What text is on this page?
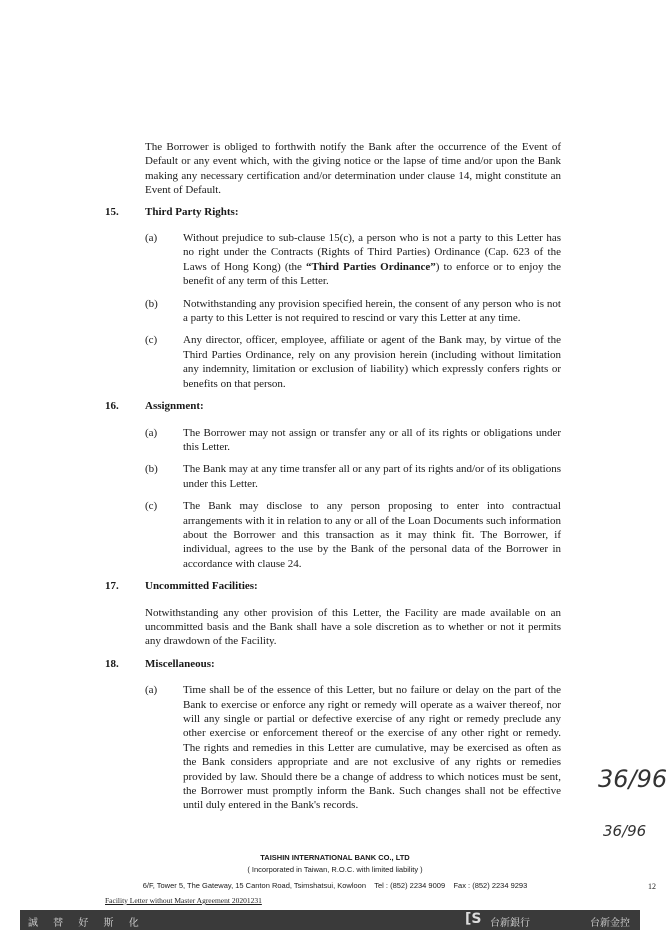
The Borrower is obliged to forthwith notify the Bank after the occurrence of the Event of Default or any event which, with the giving notice or the lapse of time and/or upon the Bank making any necessary certification and/or determination under clause 14, might constitute an Event of Default.
15.	Third Party Rights:
(a)	Without prejudice to sub-clause 15(c), a person who is not a party to this Letter has no right under the Contracts (Rights of Third Parties) Ordinance (Cap. 623 of the Laws of Hong Kong) (the “Third Parties Ordinance”) to enforce or to enjoy the benefit of any term of this Letter.
(b)	Notwithstanding any provision specified herein, the consent of any person who is not a party to this Letter is not required to rescind or vary this Letter at any time.
(c)	Any director, officer, employee, affiliate or agent of the Bank may, by virtue of the Third Parties Ordinance, rely on any provision herein (including without limitation any indemnity, limitation or exclusion of liability) which expressly confers rights or benefits on that person.
16.	Assignment:
(a)	The Borrower may not assign or transfer any or all of its rights or obligations under this Letter.
(b)	The Bank may at any time transfer all or any part of its rights and/or of its obligations under this Letter.
(c)	The Bank may disclose to any person proposing to enter into contractual arrangements with it in relation to any or all of the Loan Documents such information about the Borrower and this transaction as it may think fit. The Borrower, if individual, agrees to the use by the Bank of the personal data of the Borrower in accordance with clause 24.
17.	Uncommitted Facilities:
Notwithstanding any other provision of this Letter, the Facility are made available on an uncommitted basis and the Bank shall have a sole discretion as to whether or not it permits any drawdown of the Facility.
18.	Miscellaneous:
(a)	Time shall be of the essence of this Letter, but no failure or delay on the part of the Bank to exercise or enforce any right or remedy will operate as a waiver thereof, nor will any single or partial or defective exercise of any right or remedy preclude any other exercise or enforcement thereof or the exercise of any other right or remedy. The rights and remedies in this Letter are cumulative, may be exercised as often as the Bank considers appropriate and are not exclusive of any rights or remedies provided by law. Should there be a change of address to which notices must be sent, the Borrower must promptly inform the Bank. Such changes shall not be effective until duly entered in the Bank's records.
36/96
36/96
TAISHIN INTERNATIONAL BANK CO., LTD
( Incorporated in Taiwan, R.O.C. with limited liability )
6/F, Tower 5, The Gateway, 15 Canton Road, Tsimshatsui, Kowloon Tel : (852) 2234 9009 Fax : (852) 2234 9293	12
Facility Letter without Master Agreement 20201231
誠 替 好 斯 化	[S 台新銀行	台新金控
